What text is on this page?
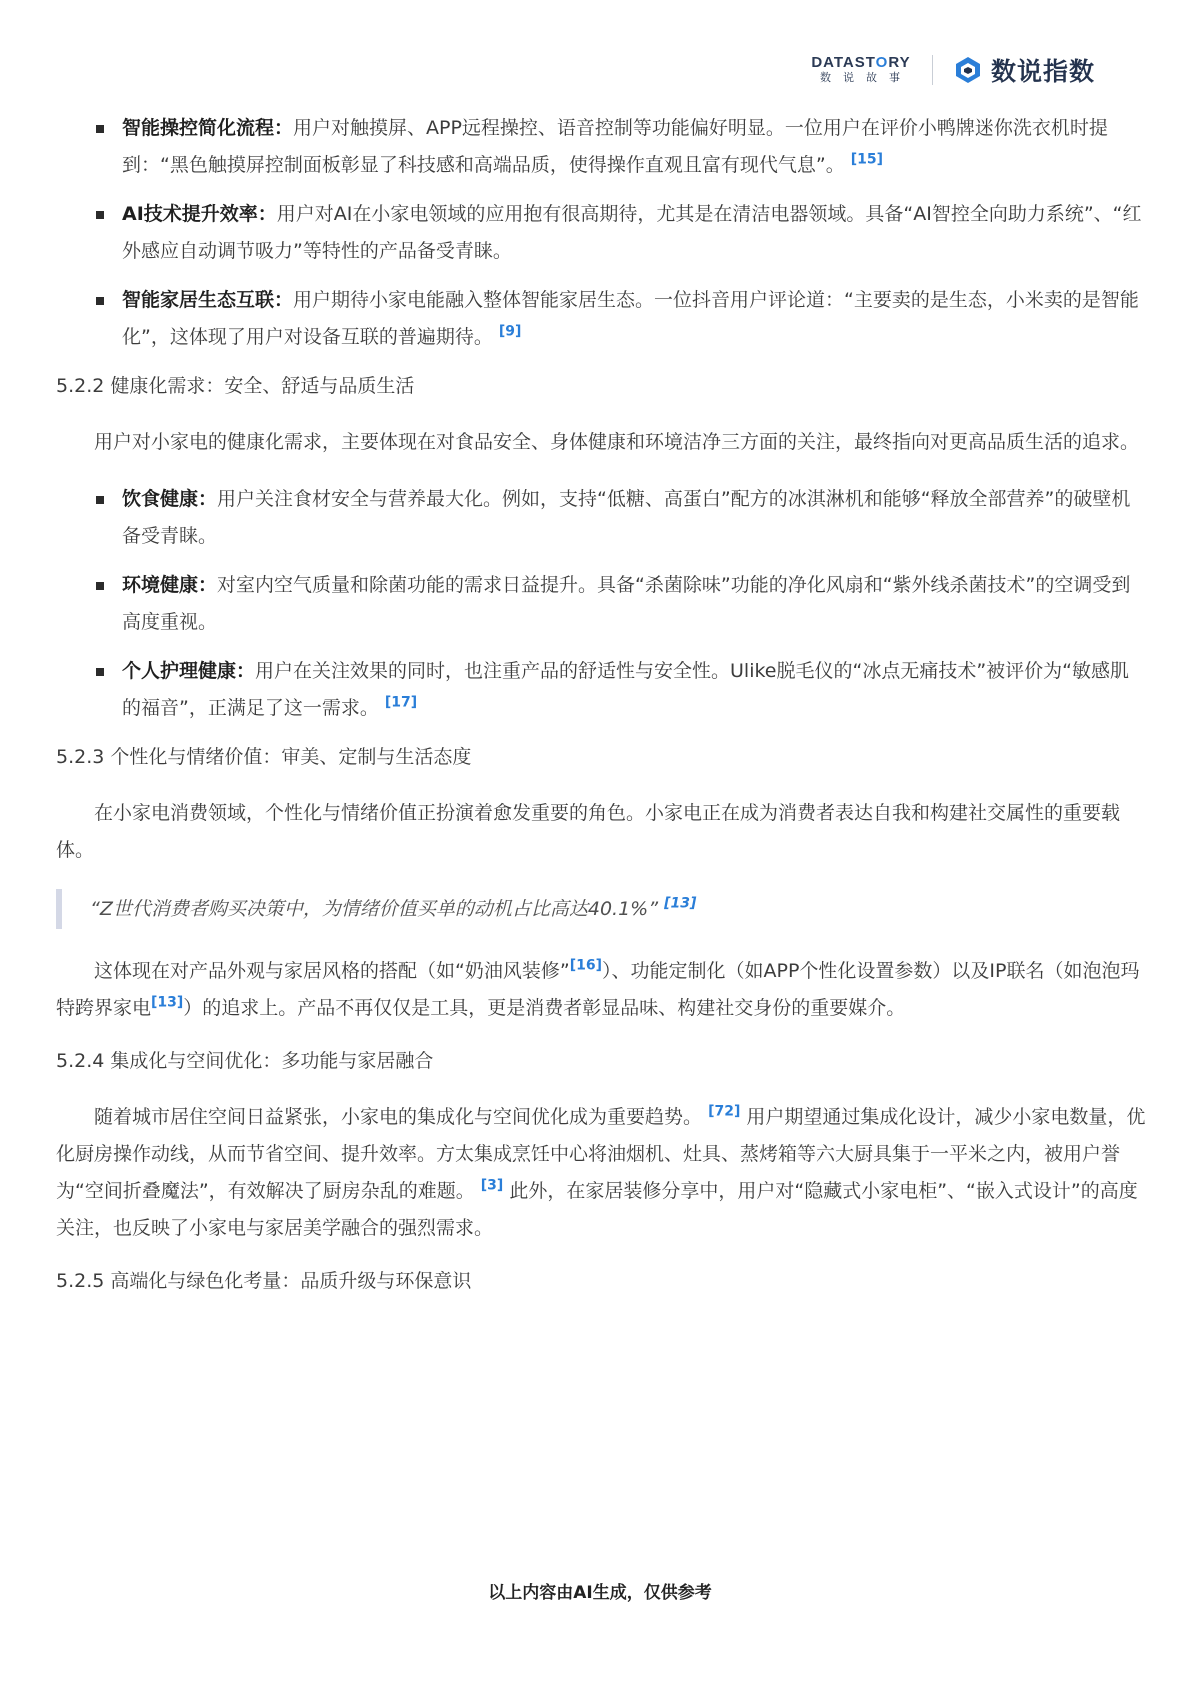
DATASTORY
数说故事	数说指数
智能操控简化流程：用户对触摸屏、APP远程操控、语音控制等功能偏好明显。一位用户在评价小鸭牌迷你洗衣机时提到：“黑色触摸屏控制面板彰显了科技感和高端品质，使得操作直观且富有现代气息”。 [15]
AI技术提升效率：用户对AI在小家电领域的应用抱有很高期待，尤其是在清洁电器领域。具备“AI智控全向助力系统”、“红外感应自动调节吸力”等特性的产品备受青睐。
智能家居生态互联：用户期待小家电能融入整体智能家居生态。一位抖音用户评论道：“主要卖的是生态，小米卖的是智能化”，这体现了用户对设备互联的普遍期待。 [9]
5.2.2 健康化需求：安全、舒适与品质生活

用户对小家电的健康化需求，主要体现在对食品安全、身体健康和环境洁净三方面的关注，最终指向对更高品质生活的追求。

饮食健康：用户关注食材安全与营养最大化。例如，支持“低糖、高蛋白”配方的冰淇淋机和能够“释放全部营养”的破壁机备受青睐。
环境健康：对室内空气质量和除菌功能的需求日益提升。具备“杀菌除味”功能的净化风扇和“紫外线杀菌技术”的空调受到高度重视。
个人护理健康：用户在关注效果的同时，也注重产品的舒适性与安全性。Ulike脱毛仪的“冰点无痛技术”被评价为“敏感肌的福音”，正满足了这一需求。 [17]
5.2.3 个性化与情绪价值：审美、定制与生活态度

在小家电消费领域，个性化与情绪价值正扮演着愈发重要的角色。小家电正在成为消费者表达自我和构建社交属性的重要载体。

“Z世代消费者购买决策中，为情绪价值买单的动机占比高达40.1%” [13]

这体现在对产品外观与家居风格的搭配（如“奶油风装修”[16]）、功能定制化（如APP个性化设置参数）以及IP联名（如泡泡玛特跨界家电[13]）的追求上。产品不再仅仅是工具，更是消费者彰显品味、构建社交身份的重要媒介。

5.2.4 集成化与空间优化：多功能与家居融合

随着城市居住空间日益紧张，小家电的集成化与空间优化成为重要趋势。 [72] 用户期望通过集成化设计，减少小家电数量，优化厨房操作动线，从而节省空间、提升效率。方太集成烹饪中心将油烟机、灶具、蒸烤箱等六大厨具集于一平米之内，被用户誉为“空间折叠魔法”，有效解决了厨房杂乱的难题。 [3] 此外，在家居装修分享中，用户对“隐藏式小家电柜”、“嵌入式设计”的高度关注，也反映了小家电与家居美学融合的强烈需求。

5.2.5 高端化与绿色化考量：品质升级与环保意识
以上内容由AI生成，仅供参考
